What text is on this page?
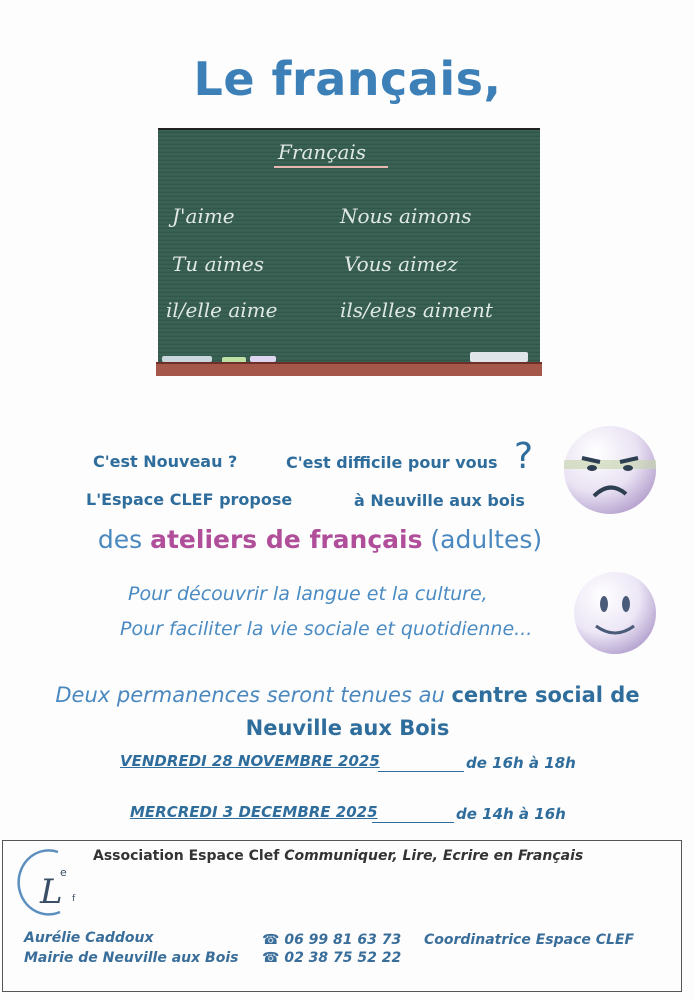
Le français,
Français
J'aime	Nous aimons
Tu aimes	Vous aimez
il/elle aime	ils/elles aiment
C'est Nouveau ?	C'est difficile pour vous ?
L'Espace CLEF propose	à Neuville aux bois
des ateliers de français (adultes)
Pour découvrir la langue et la culture,
Pour faciliter la vie sociale et quotidienne...
Deux permanences seront tenues au centre social de
Neuville aux Bois
VENDREDI 28 NOVEMBRE 2025	de 16h à 18h
MERCREDI 3 DECEMBRE 2025	de 14h à 16h
Association Espace Clef Communiquer, Lire, Ecrire en Français
L
e
f
Aurélie Caddoux
Mairie de Neuville aux Bois
☎ 06 99 81 63 73
☎ 02 38 75 52 22
Coordinatrice Espace CLEF
